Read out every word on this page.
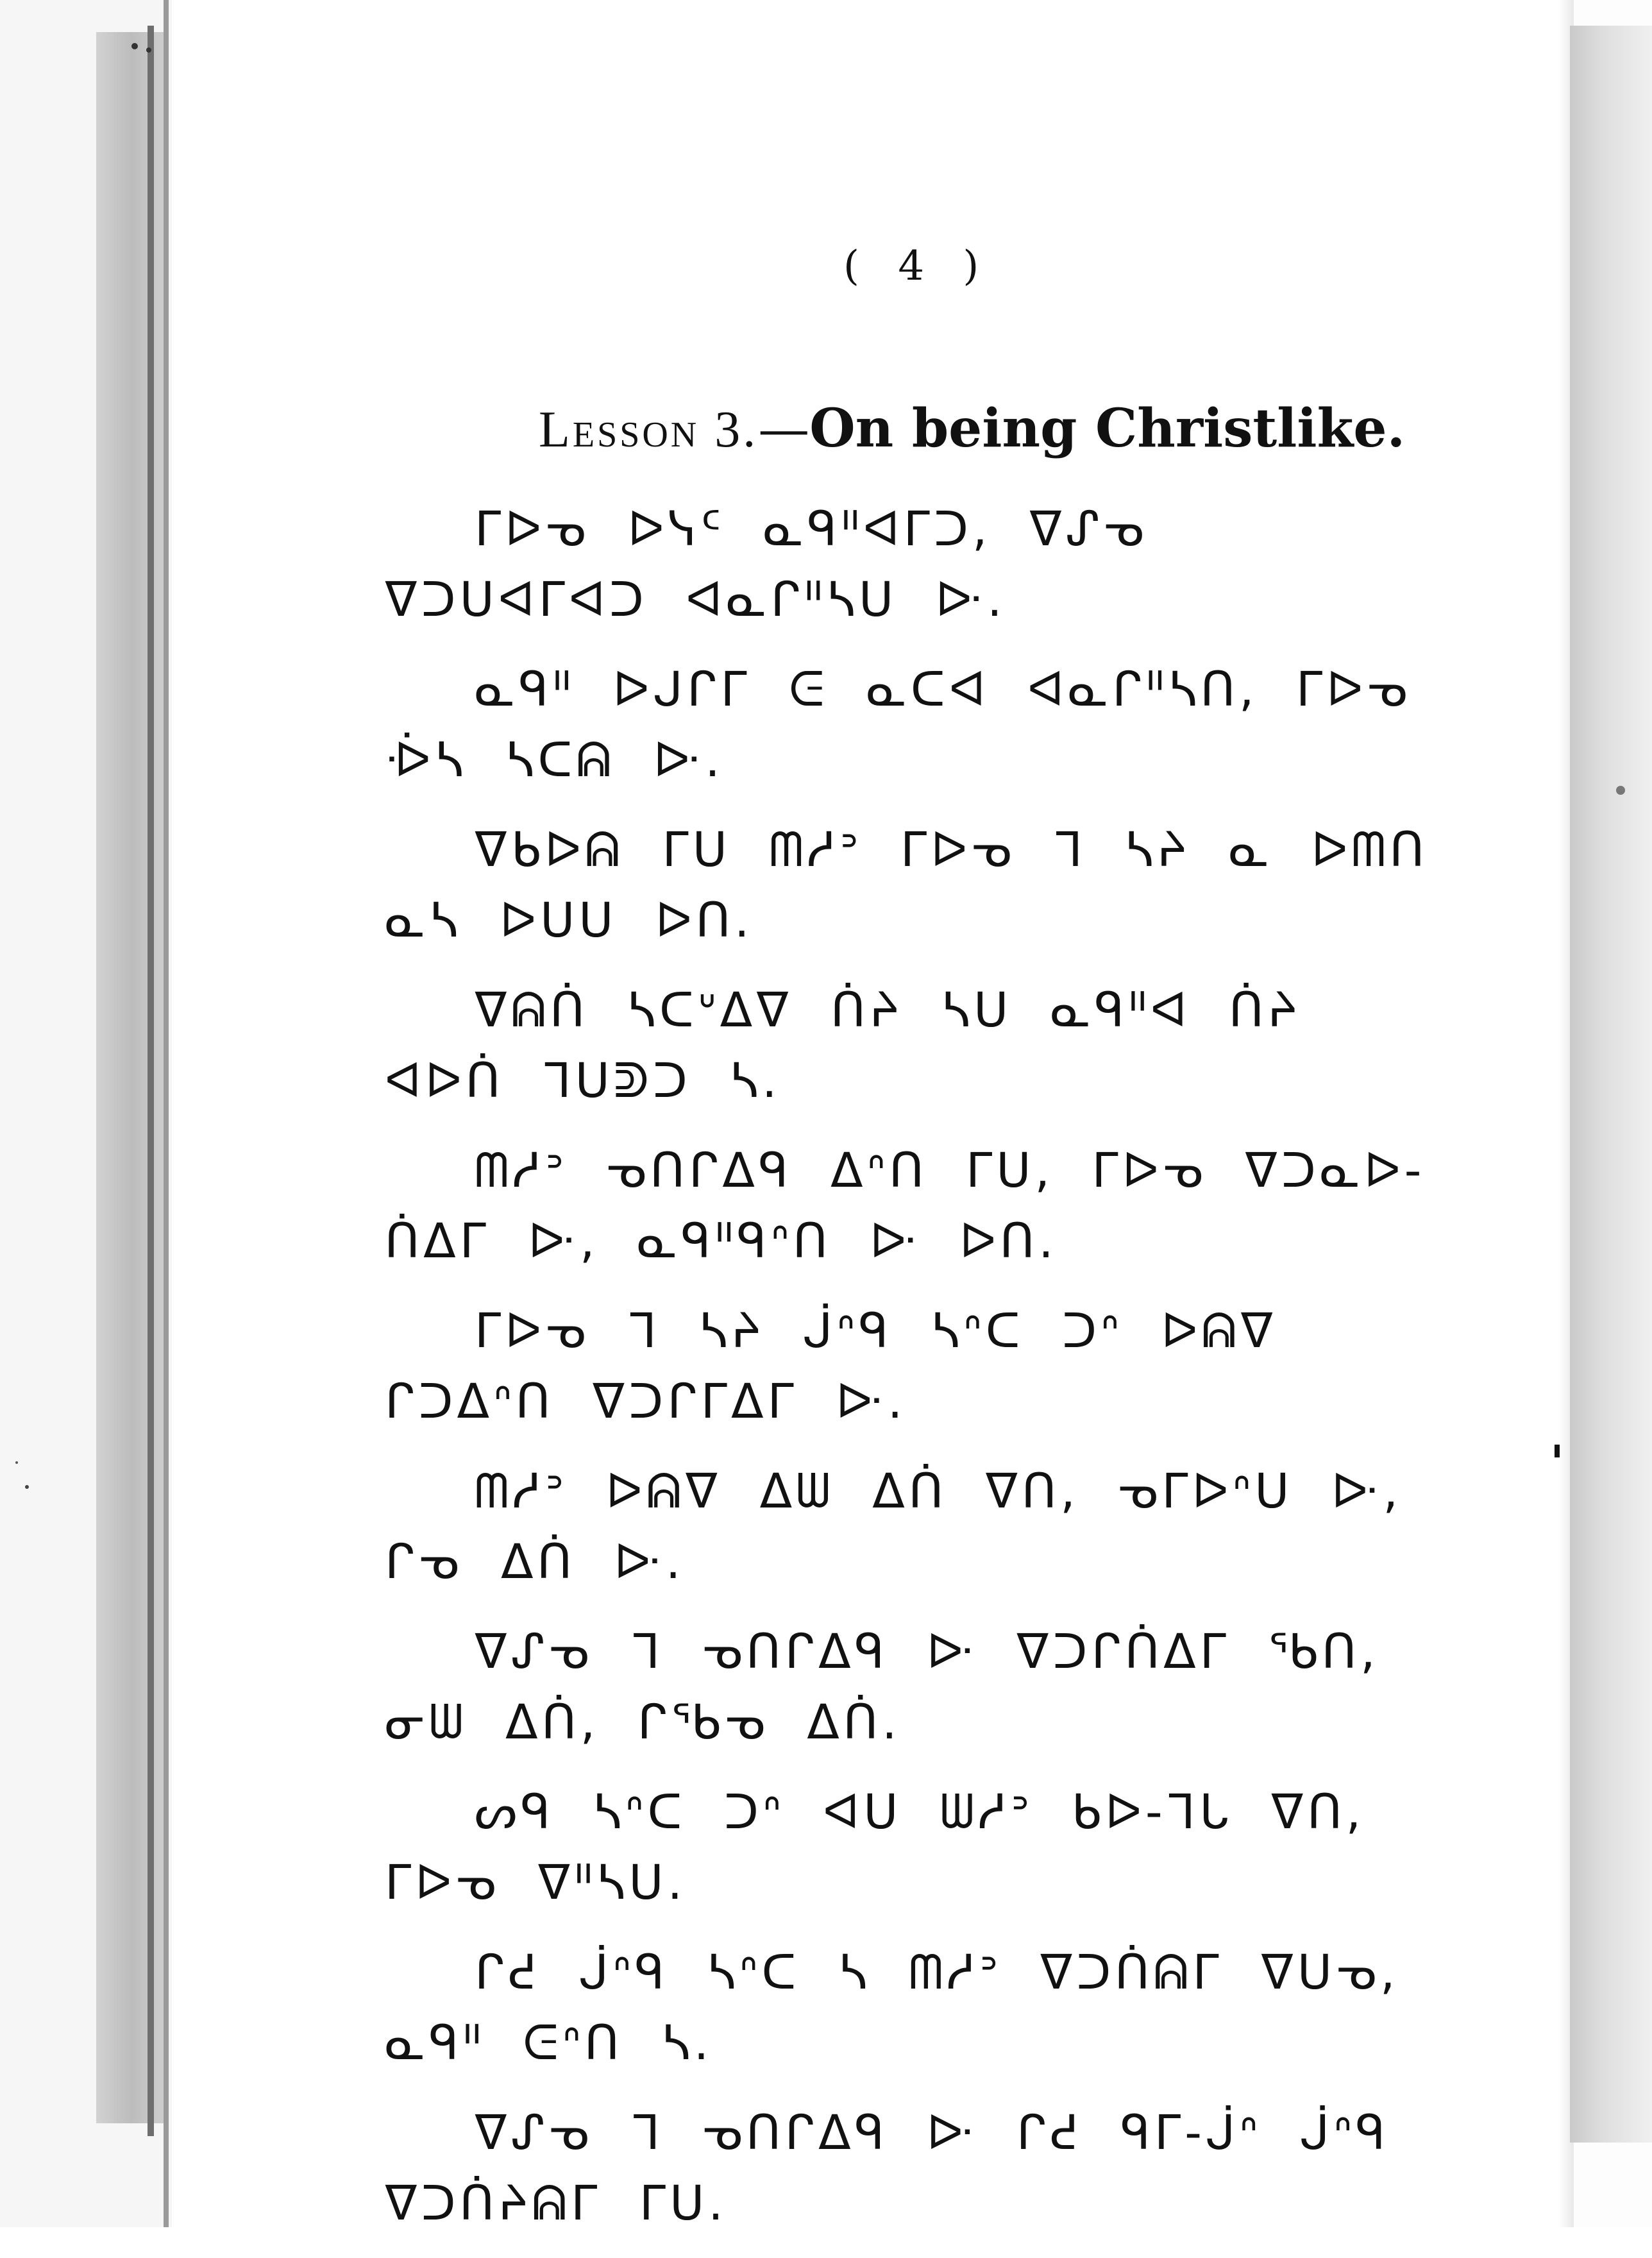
( 4 )
Lesson 3.—On being Christlike.

ᒥᐅᓀ ᐅᓭᑦ ᓇᑫᐦᐊᒥᑐ, ᐁᔑᓀ ᐁᑐᑌᐊᒥᐊᑐ ᐊᓇᒋᐦᓴᑌ ᐓ.

ᓇᑫᐦ ᐅᒍᒋᒥ ᕮ ᓇᑕᐊ ᐊᓇᒋᐦᓴᑎ, ᒥᐅᓀ ᐔᓴ ᓴᑕᕱ ᐓ.

ᐁᑲᐅᕱ ᒥᑌ ᗰᓱᐣ ᒥᐅᓀ ᒣ ᓴᔨ ᓇ ᐅᗰᑎ ᓇᓴ ᐅᑌᑌ ᐅᑎ.

ᐁᕱᑏ ᓴᑕᐡᐃᐁ ᑏᔨ ᓴᑌ ᓇᑫᐦᐊ ᑏᔨ ᐊᐅᑏ ᒣᑌᕲᑐ ᓴ.

ᗰᓱᐣ ᓀᑎᒋᐃᑫ ᐃᐢᑎ ᒥᑌ, ᒥᐅᓀ ᐁᑐᓇᐅ-ᑏᐃᒥ ᐓ, ᓇᑫᐦᑫᐢᑎ ᐓ ᐅᑎ.

ᒥᐅᓀ ᒣ ᓴᔨ ᒎᐢᑫ ᓴᐢᑕ ᑐᐢ ᐅᕱᐁ ᒋᑐᐃᐢᑎ ᐁᑐᒋᒥᐃᒥ ᐓ.

ᗰᓱᐣ ᐅᕱᐁ ᐃᗯ ᐃᑏ ᐁᑎ, ᓀᒥᐅᐢᑌ ᐓ, ᒋᓀ ᐃᑏ ᐓ.

ᐁᔑᓀ ᒣ ᓀᑎᒋᐃᑫ ᐓ ᐁᑐᒋᑏᐃᒥ ᖃᑎ, ᓂᗯ ᐃᑏ, ᒋᖃᓀ ᐃᑏ.

ᔕᑫ ᓴᐢᑕ ᑐᐢ ᐊᑌ ᗯᓱᐣ ᑲᐅ-ᒣᒐ ᐁᑎ, ᒥᐅᓀ ᐁᐦᓴᑌ.

ᒋᕍ ᒎᐢᑫ ᓴᐢᑕ ᓴ ᗰᓱᐣ ᐁᑐᑏᕱᒥ ᐁᑌᓀ, ᓇᑫᐦ ᕮᐢᑎ ᓴ.

ᐁᔑᓀ ᒣ ᓀᑎᒋᐃᑫ ᐓ ᒋᕍ ᑫᒥ-ᒎᐢ ᒎᐢᑫ ᐁᑐᑏᔨᕱᒥ ᒥᑌ.
